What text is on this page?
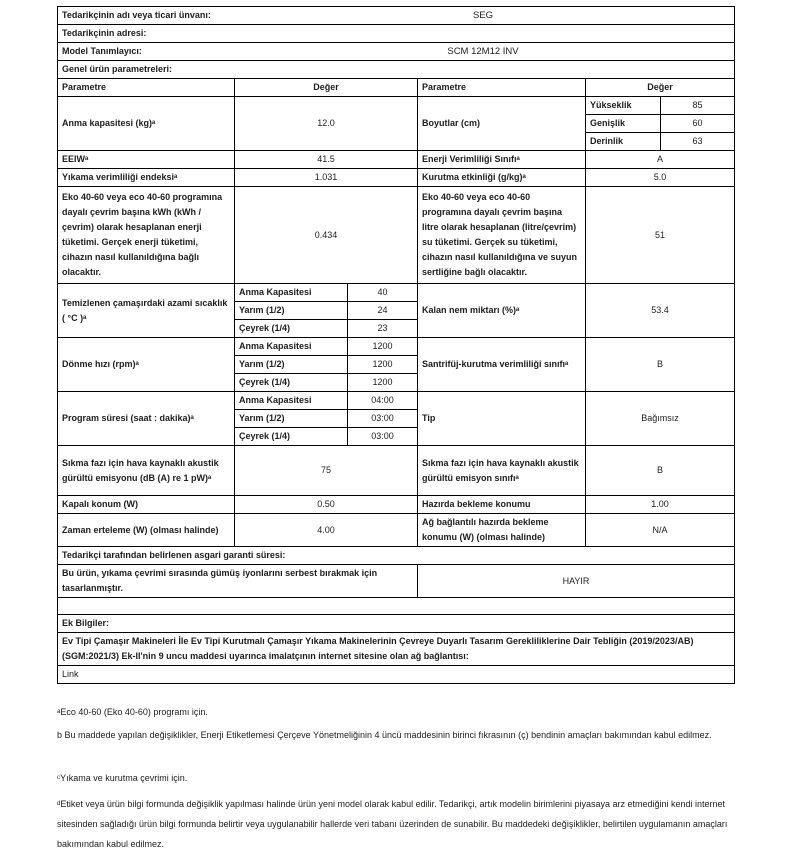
Tedarikçinin adı veya ticari ünvanı: SEG					

Tedarikçinin adresi:					

Model Tanımlayıcı: SCM 12M12 INV					

Genel ürün parametreleri:					
Parametre	Değer		Parametre	Değer	
Anma kapasitesi (kg)ᵃ	12.0		Boyutlar (cm)	Yükseklik	85
				Genişlik	60
				Derinlik	63
EEIWᵃ	41.5		Enerji Verimliliği Sınıfıᵃ	A	
Yıkama verimliliği endeksiᵃ	1.031		Kurutma etkinliği (g/kg)ᵃ	5.0	
Eko 40-60 veya eco 40-60 programına dayalı çevrim başına kWh (kWh / çevrim) olarak hesaplanan enerji tüketimi. Gerçek enerji tüketimi, cihazın nasıl kullanıldığına bağlı olacaktır.	0.434		Eko 40-60 veya eco 40-60 programına dayalı çevrim başına litre olarak hesaplanan (litre/çevrim) su tüketimi. Gerçek su tüketimi, cihazın nasıl kullanıldığına ve suyun sertliğine bağlı olacaktır.	51	
Temizlenen çamaşırdaki azami sıcaklık ( °C )ᵃ	Anma Kapasitesi	40	Kalan nem miktarı (%)ᵃ	53.4	
	Yarım (1/2)	24			
	Çeyrek (1/4)	23			
Dönme hızı (rpm)ᵃ	Anma Kapasitesi	1200	Santrifüj-kurutma verimliliği sınıfıᵃ	B	
	Yarım (1/2)	1200			
	Çeyrek (1/4)	1200			
Program süresi (saat : dakika)ᵃ	Anma Kapasitesi	04:00	Tip	Bağımsız	
	Yarım (1/2)	03:00			
	Çeyrek (1/4)	03:00			
Sıkma fazı için hava kaynaklı akustik gürültü emisyonu (dB (A) re 1 pW)ᵃ	75		Sıkma fazı için hava kaynaklı akustik gürültü emisyon sınıfıᵃ	B	
Kapalı konum (W)	0.50		Hazırda bekleme konumu	1.00	
Zaman erteleme (W) (olması halinde)	4.00		Ağ bağlantılı hazırda bekleme konumu (W) (olması halinde)	N/A	
Tedarikçi tarafından belirlenen asgari garanti süresi:					
Bu ürün, yıkama çevrimi sırasında gümüş iyonlarını serbest bırakmak için tasarlanmıştır.			HAYIR		

Ek Bilgiler:					
Ev Tipi Çamaşır Makineleri İle Ev Tipi Kurutmalı Çamaşır Yıkama Makinelerinin Çevreye Duyarlı Tasarım Gerekliliklerine Dair Tebliğin (2019/2023/AB)(SGM:2021/3) Ek-II'nin 9 uncu maddesi uyarınca imalatçının internet sitesine olan ağ bağlantısı:					
Link					

ᵃEco 40-60 (Eko 40-60) programı için.

b Bu maddede yapılan değişiklikler, Enerji Etiketlemesi Çerçeve Yönetmeliğinin 4 üncü maddesinin birinci fıkrasının (ç) bendinin amaçları bakımından kabul edilmez.

ᶜYıkama ve kurutma çevrimi için.

ᵈEtiket veya ürün bilgi formunda değişiklik yapılması halinde ürün yeni model olarak kabul edilir. Tedarikçi, artık modelin birimlerini piyasaya arz etmediğini kendi internet sitesinden sağladığı ürün bilgi formunda belirtir veya uygulanabilir hallerde veri tabanı üzerinden de sunabilir. Bu maddedeki değişiklikler, belirtilen uygulamanın amaçları bakımından kabul edilmez.
